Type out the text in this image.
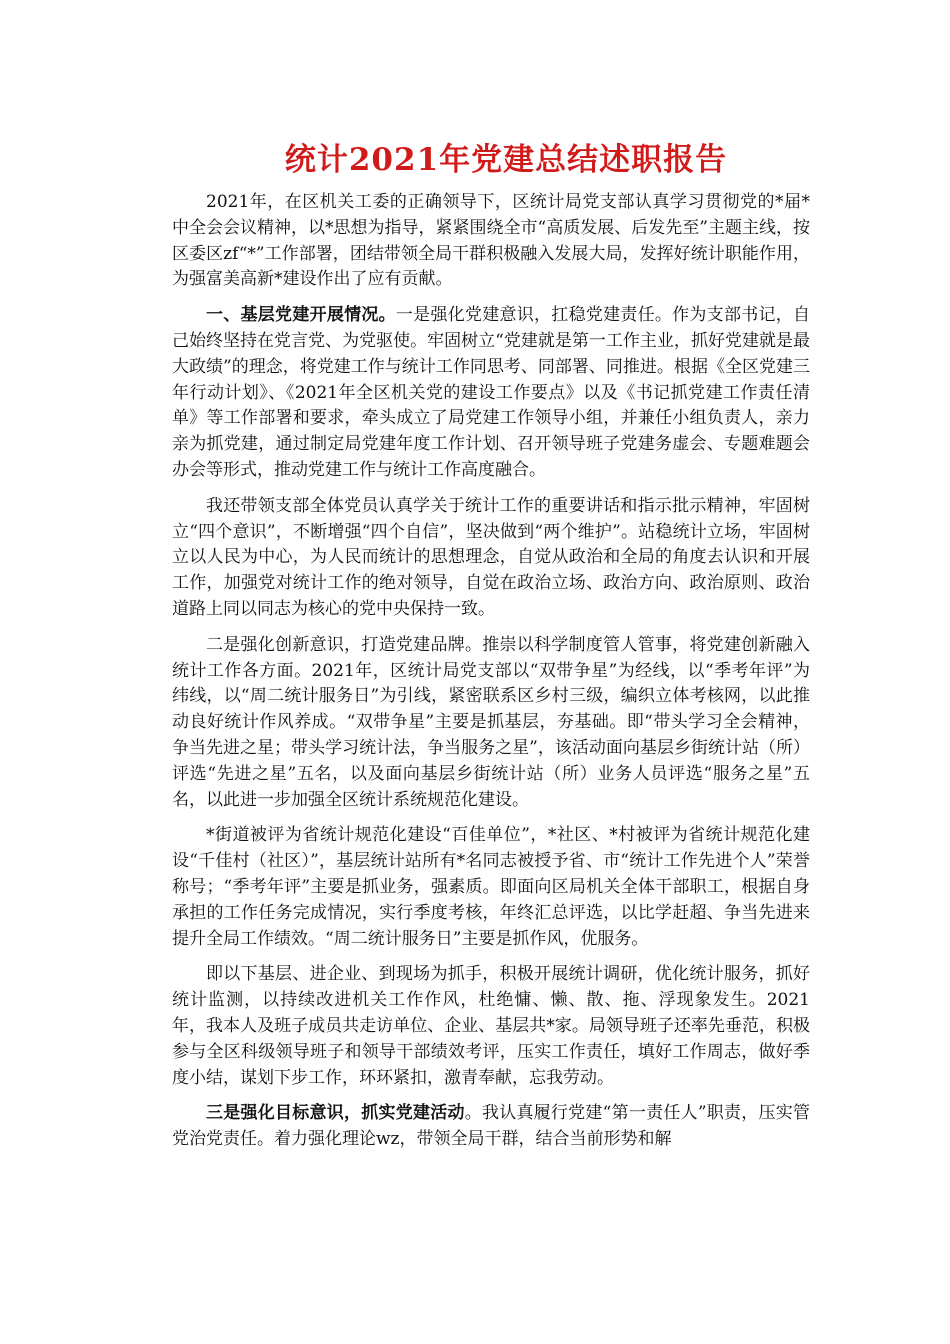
统计2021年党建总结述职报告

2021年，在区机关工委的正确领导下，区统计局党支部认真学习贯彻党的*届*中全会会议精神，以*思想为指导，紧紧围绕全市“高质发展、后发先至”主题主线，按区委区zf“*”工作部署，团结带领全局干群积极融入发展大局，发挥好统计职能作用，为强富美高新*建设作出了应有贡献。

一、基层党建开展情况。一是强化党建意识，扛稳党建责任。作为支部书记，自己始终坚持在党言党、为党驱使。牢固树立“党建就是第一工作主业，抓好党建就是最大政绩”的理念，将党建工作与统计工作同思考、同部署、同推进。根据《全区党建三年行动计划》、《2021年全区机关党的建设工作要点》以及《书记抓党建工作责任清单》等工作部署和要求，牵头成立了局党建工作领导小组，并兼任小组负责人，亲力亲为抓党建，通过制定局党建年度工作计划、召开领导班子党建务虚会、专题难题会办会等形式，推动党建工作与统计工作高度融合。

我还带领支部全体党员认真学关于统计工作的重要讲话和指示批示精神，牢固树立“四个意识”，不断增强“四个自信”，坚决做到“两个维护”。站稳统计立场，牢固树立以人民为中心，为人民而统计的思想理念，自觉从政治和全局的角度去认识和开展工作，加强党对统计工作的绝对领导，自觉在政治立场、政治方向、政治原则、政治道路上同以同志为核心的党中央保持一致。

二是强化创新意识，打造党建品牌。推崇以科学制度管人管事，将党建创新融入统计工作各方面。2021年，区统计局党支部以“双带争星”为经线，以“季考年评”为纬线，以“周二统计服务日”为引线，紧密联系区乡村三级，编织立体考核网，以此推动良好统计作风养成。“双带争星”主要是抓基层，夯基础。即“带头学习全会精神，争当先进之星；带头学习统计法，争当服务之星”，该活动面向基层乡街统计站（所）评选“先进之星”五名，以及面向基层乡街统计站（所）业务人员评选“服务之星”五名，以此进一步加强全区统计系统规范化建设。

*街道被评为省统计规范化建设“百佳单位”，*社区、*村被评为省统计规范化建设“千佳村（社区）”，基层统计站所有*名同志被授予省、市“统计工作先进个人”荣誉称号；“季考年评”主要是抓业务，强素质。即面向区局机关全体干部职工，根据自身承担的工作任务完成情况，实行季度考核，年终汇总评选，以比学赶超、争当先进来提升全局工作绩效。“周二统计服务日”主要是抓作风，优服务。

即以下基层、进企业、到现场为抓手，积极开展统计调研，优化统计服务，抓好统计监测，以持续改进机关工作作风，杜绝慵、懒、散、拖、浮现象发生。2021年，我本人及班子成员共走访单位、企业、基层共*家。局领导班子还率先垂范，积极参与全区科级领导班子和领导干部绩效考评，压实工作责任，填好工作周志，做好季度小结，谋划下步工作，环环紧扣，激青奉献，忘我劳动。

三是强化目标意识，抓实党建活动。我认真履行党建“第一责任人”职责，压实管党治党责任。着力强化理论wz，带领全局干群，结合当前形势和解
